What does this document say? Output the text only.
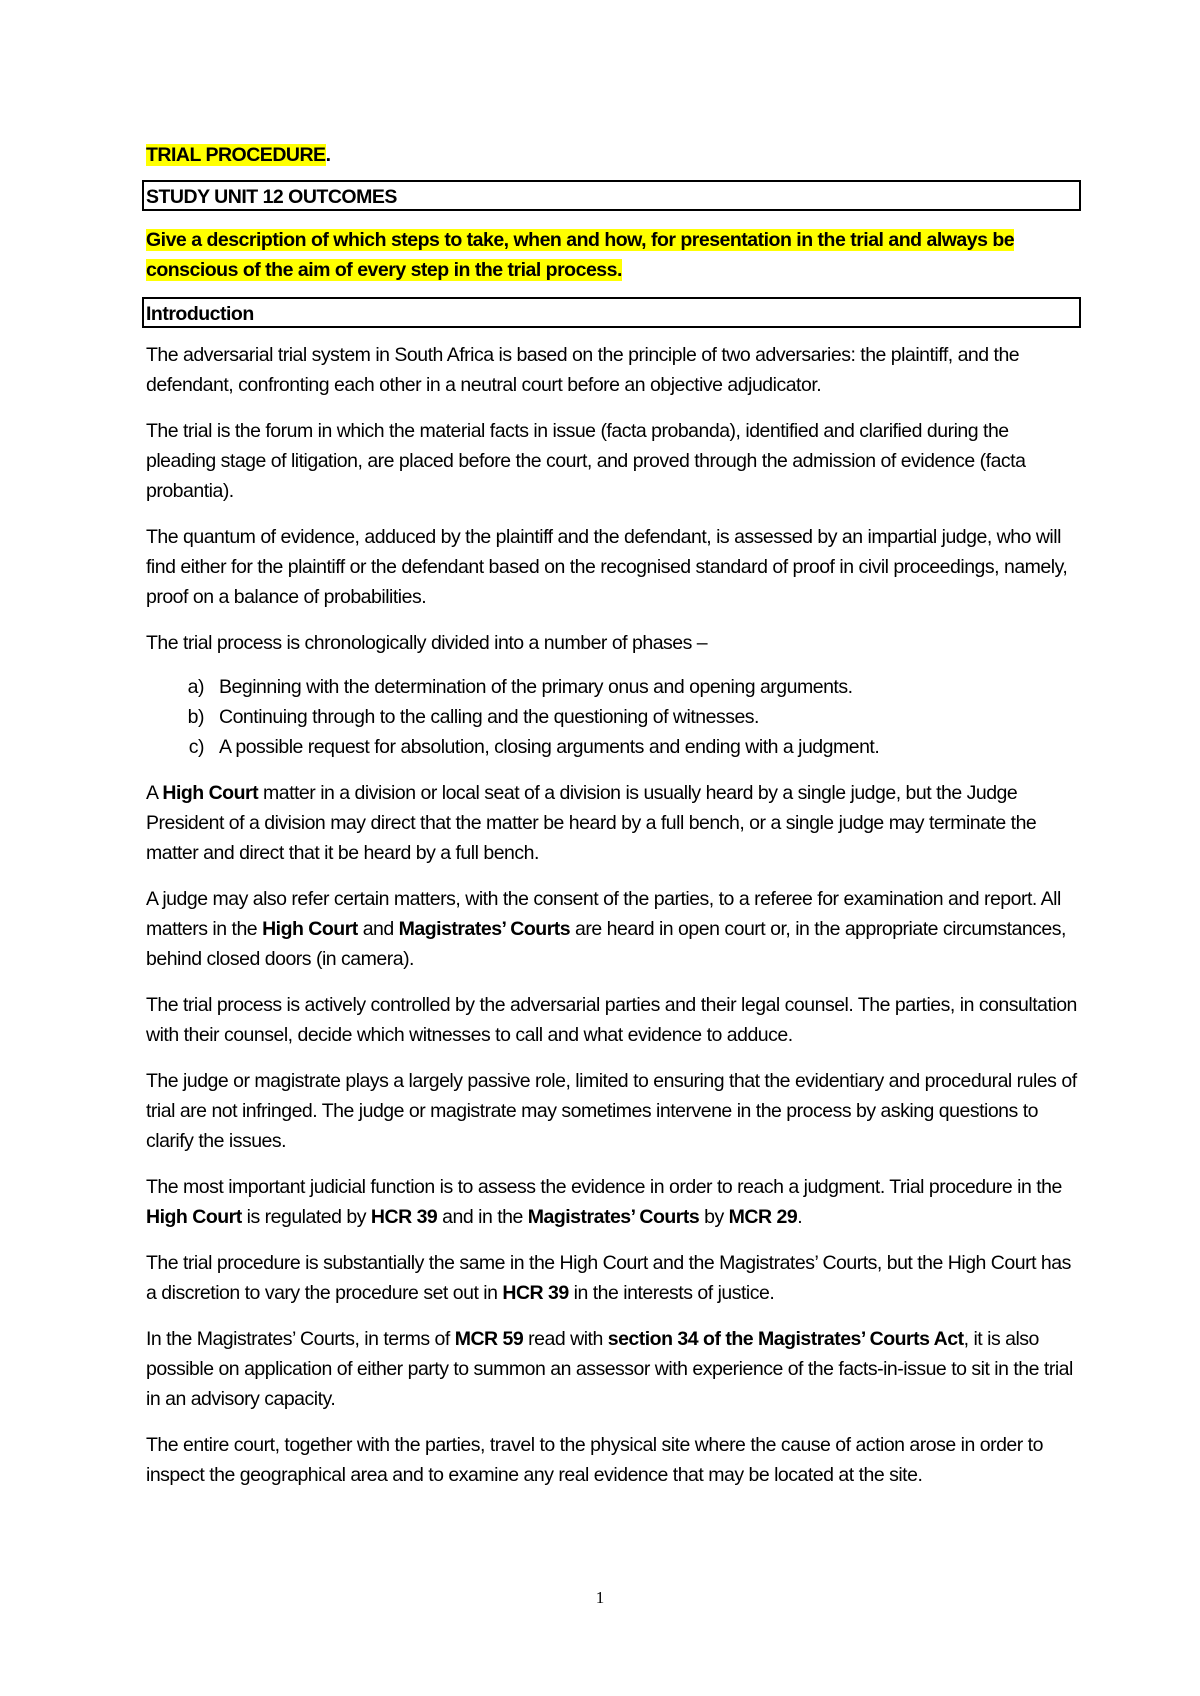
TRIAL PROCEDURE.
STUDY UNIT 12 OUTCOMES
Give a description of which steps to take, when and how, for presentation in the trial and always be conscious of the aim of every step in the trial process.
Introduction

The adversarial trial system in South Africa is based on the principle of two adversaries: the plaintiff, and the defendant, confronting each other in a neutral court before an objective adjudicator.

The trial is the forum in which the material facts in issue (facta probanda), identified and clarified during the pleading stage of litigation, are placed before the court, and proved through the admission of evidence (facta probantia).

The quantum of evidence, adduced by the plaintiff and the defendant, is assessed by an impartial judge, who will find either for the plaintiff or the defendant based on the recognised standard of proof in civil proceedings, namely, proof on a balance of probabilities.

The trial process is chronologically divided into a number of phases –

a) Beginning with the determination of the primary onus and opening arguments.
b) Continuing through to the calling and the questioning of witnesses.
c) A possible request for absolution, closing arguments and ending with a judgment.

A High Court matter in a division or local seat of a division is usually heard by a single judge, but the Judge President of a division may direct that the matter be heard by a full bench, or a single judge may terminate the matter and direct that it be heard by a full bench.

A judge may also refer certain matters, with the consent of the parties, to a referee for examination and report. All matters in the High Court and Magistrates’ Courts are heard in open court or, in the appropriate circumstances, behind closed doors (in camera).

The trial process is actively controlled by the adversarial parties and their legal counsel. The parties, in consultation with their counsel, decide which witnesses to call and what evidence to adduce.

The judge or magistrate plays a largely passive role, limited to ensuring that the evidentiary and procedural rules of trial are not infringed. The judge or magistrate may sometimes intervene in the process by asking questions to clarify the issues.

The most important judicial function is to assess the evidence in order to reach a judgment. Trial procedure in the High Court is regulated by HCR 39 and in the Magistrates’ Courts by MCR 29.

The trial procedure is substantially the same in the High Court and the Magistrates’ Courts, but the High Court has a discretion to vary the procedure set out in HCR 39 in the interests of justice.

In the Magistrates’ Courts, in terms of MCR 59 read with section 34 of the Magistrates’ Courts Act, it is also possible on application of either party to summon an assessor with experience of the facts-in-issue to sit in the trial in an advisory capacity.

The entire court, together with the parties, travel to the physical site where the cause of action arose in order to inspect the geographical area and to examine any real evidence that may be located at the site.

1
